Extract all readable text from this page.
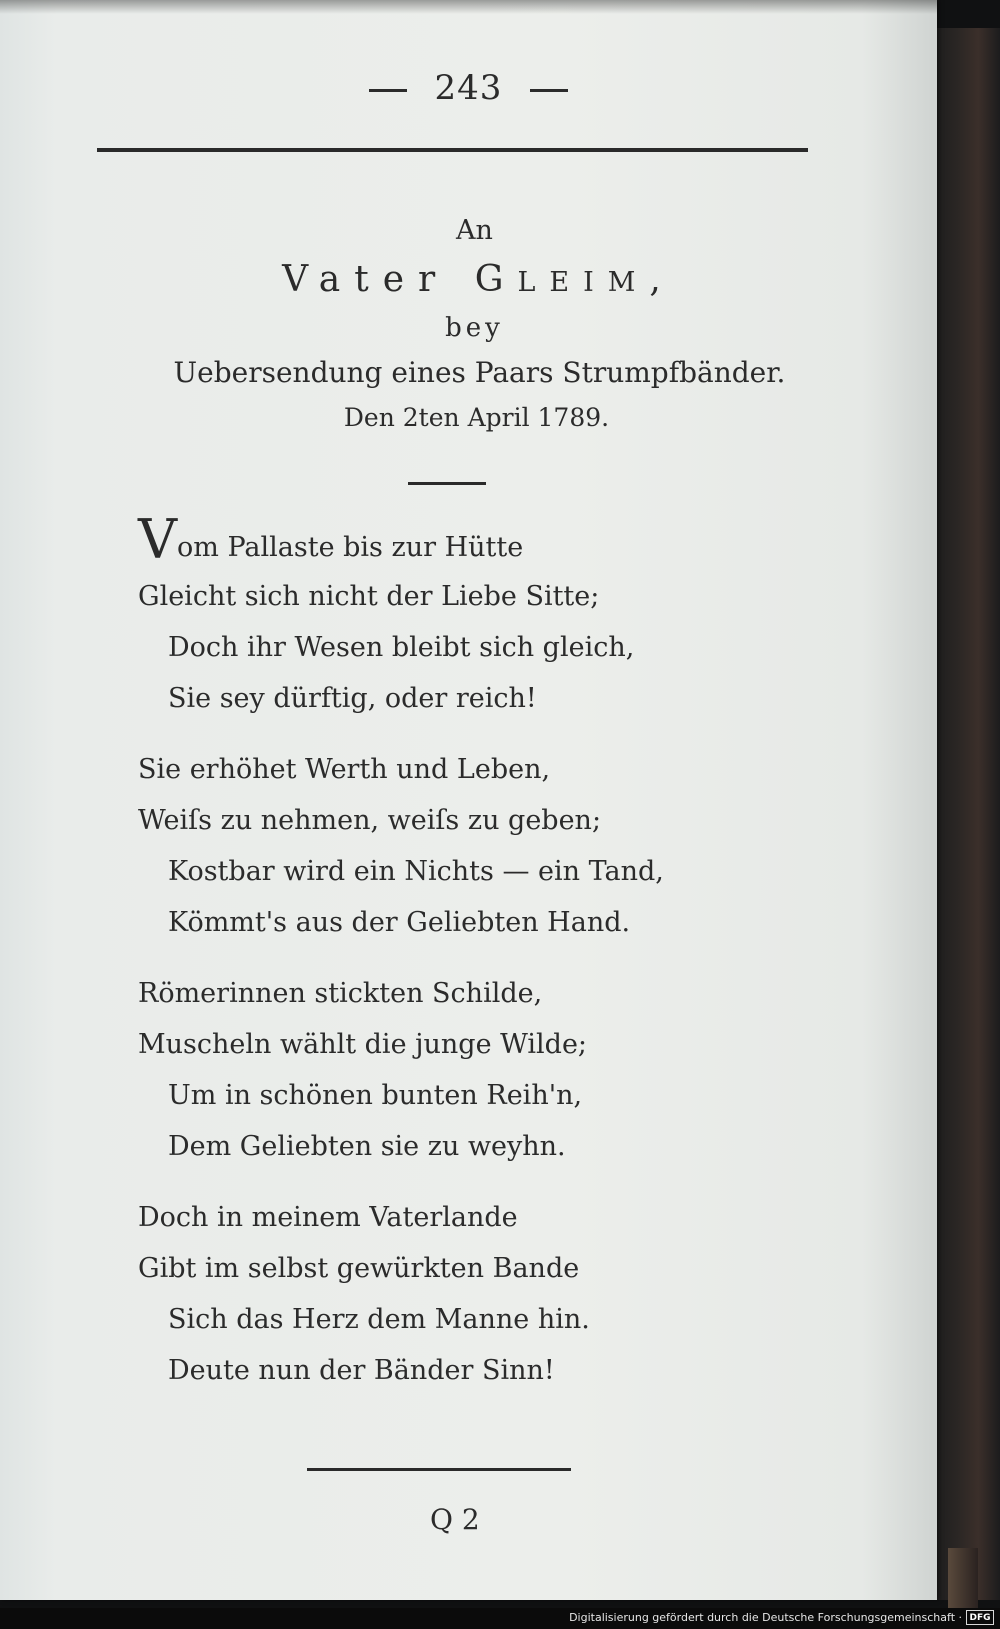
243
An
Vater GLEIM,
bey
Uebersendung eines Paars Strumpfbänder.
Den 2ten April 1789.
Vom Pallaste bis zur Hütte
Gleicht sich nicht der Liebe Sitte;
Doch ihr Wesen bleibt sich gleich,
Sie sey dürftig, oder reich!
Sie erhöhet Werth und Leben,
Weiſs zu nehmen, weiſs zu geben;
Kostbar wird ein Nichts — ein Tand,
Kömmt's aus der Geliebten Hand.
Römerinnen stickten Schilde,
Muscheln wählt die junge Wilde;
Um in schönen bunten Reih'n,
Dem Geliebten sie zu weyhn.
Doch in meinem Vaterlande
Gibt im selbst gewürkten Bande
Sich das Herz dem Manne hin.
Deute nun der Bänder Sinn!
Q 2
Digitalisierung gefördert durch die Deutsche Forschungsgemeinschaft · DFG
